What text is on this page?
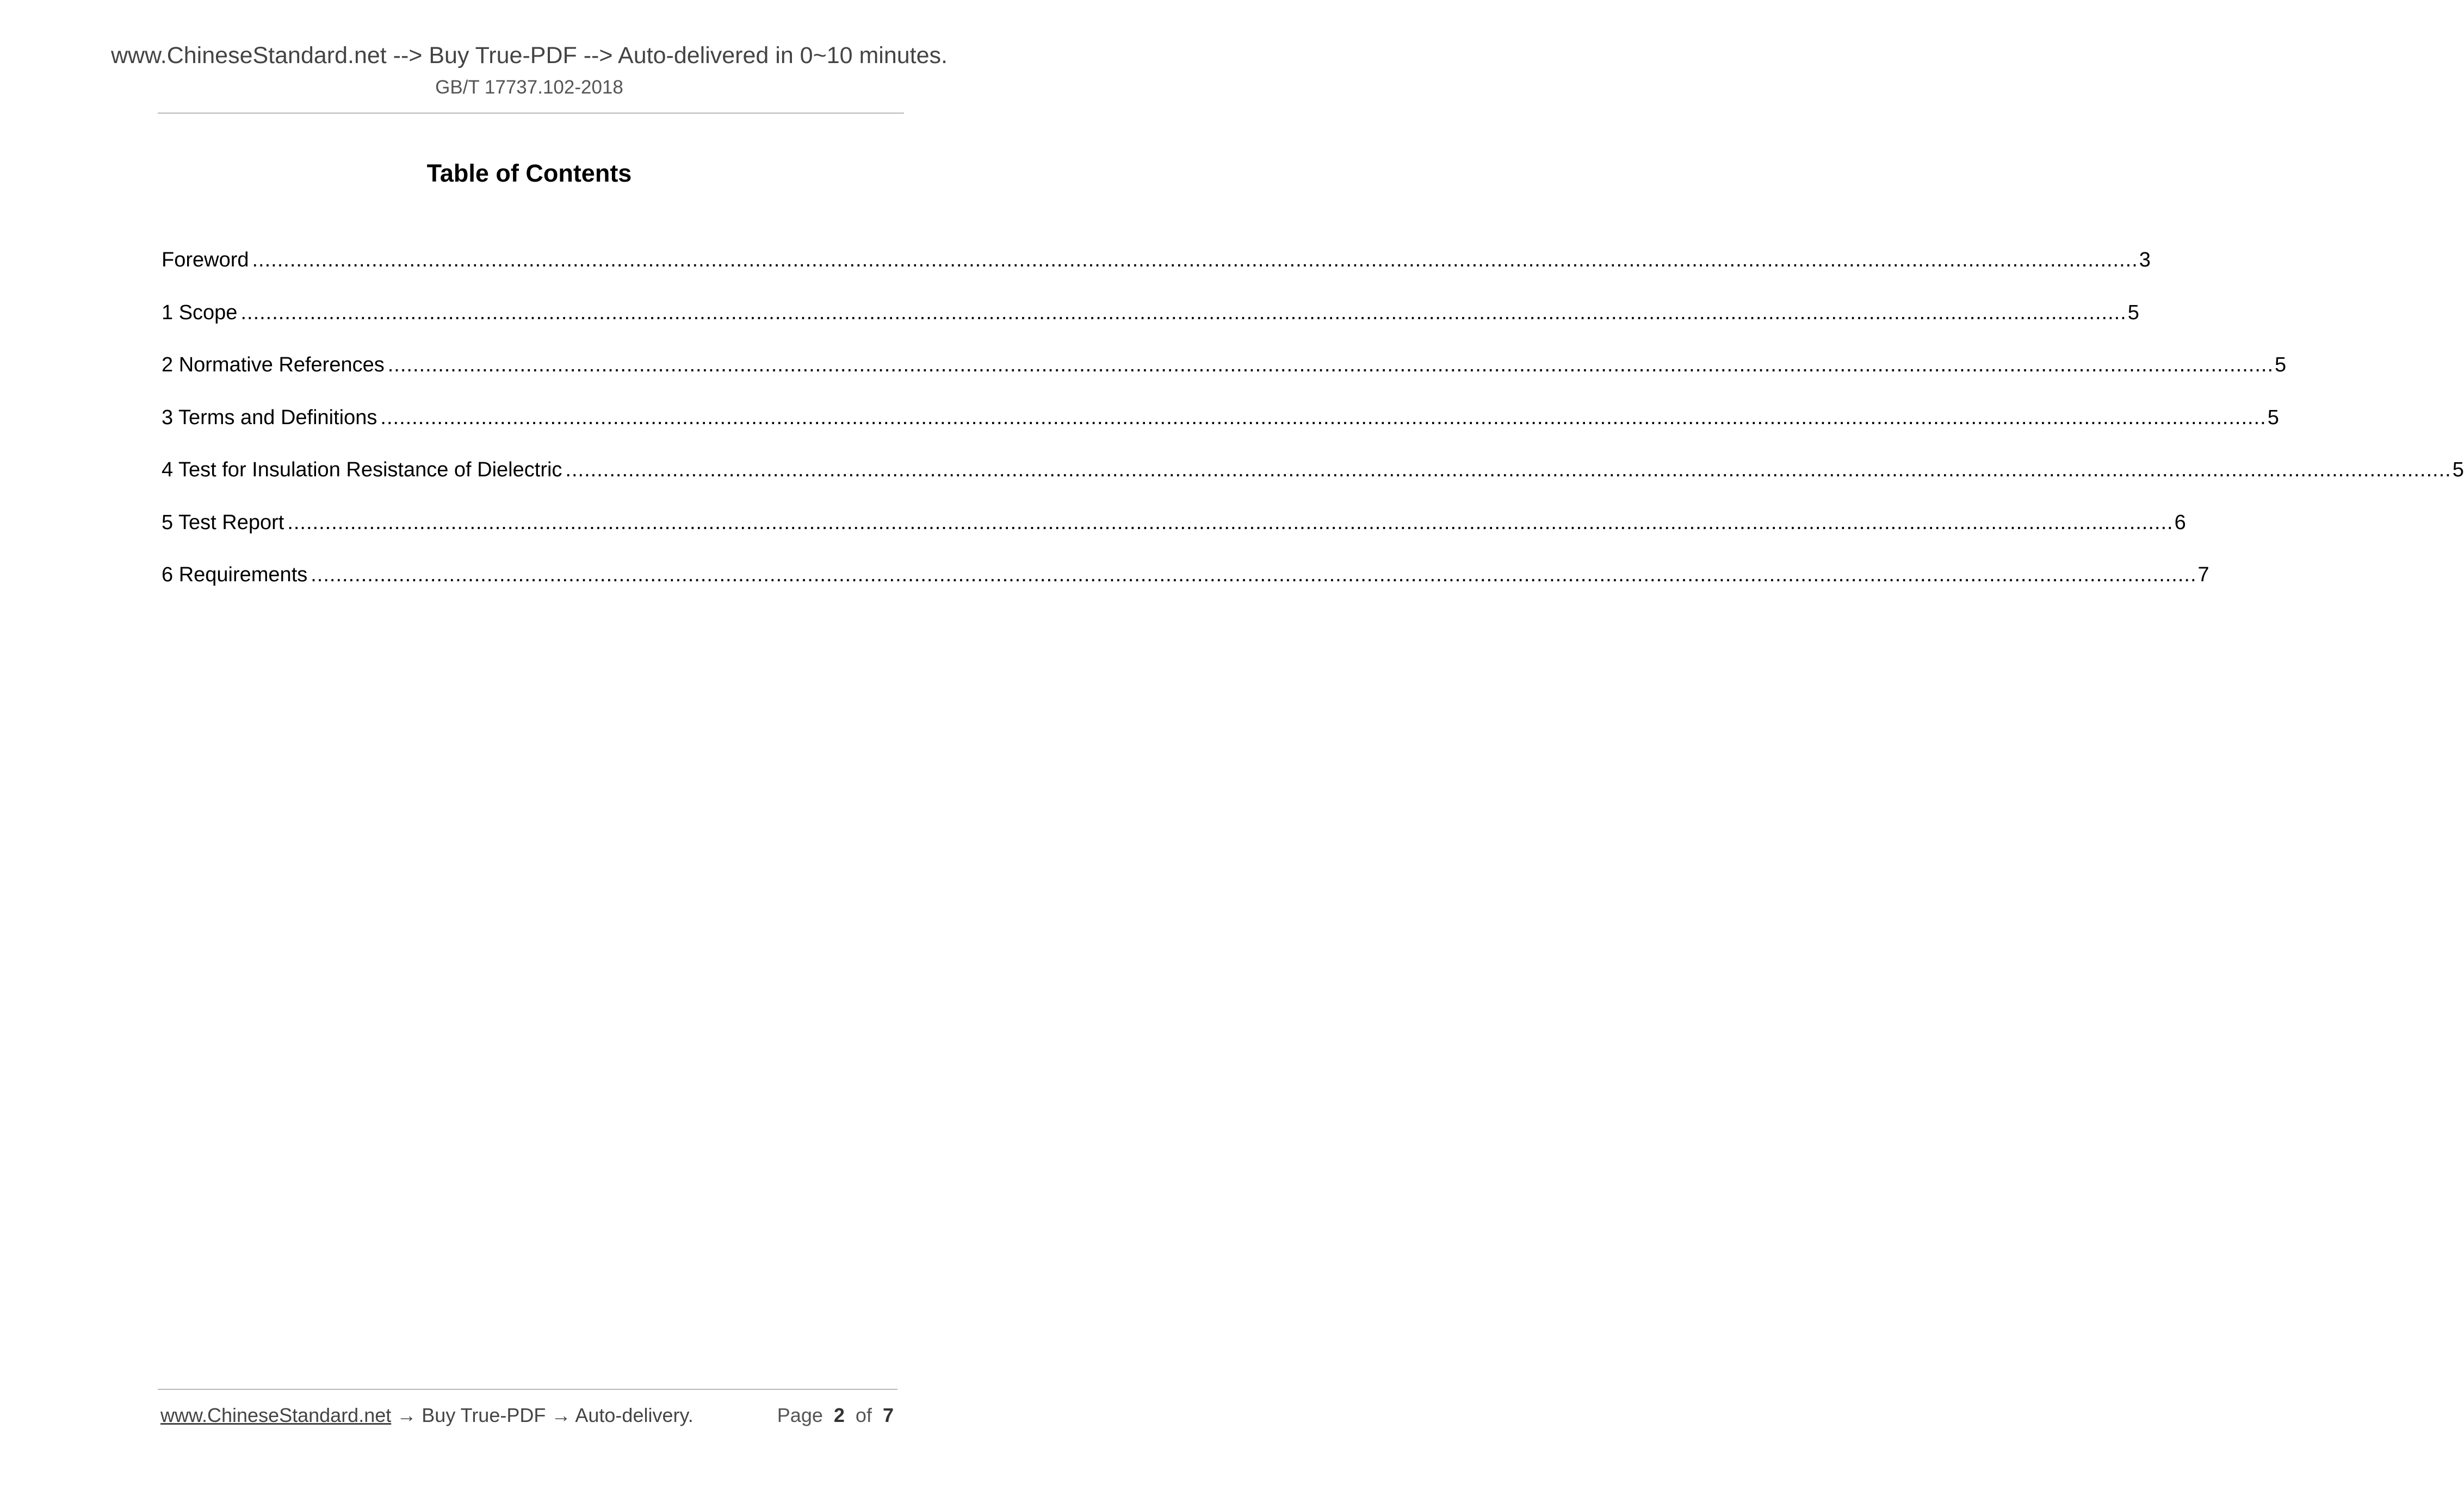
www.ChineseStandard.net --> Buy True-PDF --> Auto-delivered in 0~10 minutes.
GB/T 17737.102-2018
Table of Contents
Foreword ............................................................................................................................................................................................................................................................................................................ 3
1 Scope ............................................................................................................................................................................................................................................................................................................ 5
2 Normative References ............................................................................................................................................................................................................................................................................................................ 5
3 Terms and Definitions ............................................................................................................................................................................................................................................................................................................ 5
4 Test for Insulation Resistance of Dielectric ............................................................................................................................................................................................................................................................................................................ 5
5 Test Report ............................................................................................................................................................................................................................................................................................................ 6
6 Requirements ............................................................................................................................................................................................................................................................................................................ 7
www.ChineseStandard.net → Buy True-PDF → Auto-delivery.	Page 2 of 7
